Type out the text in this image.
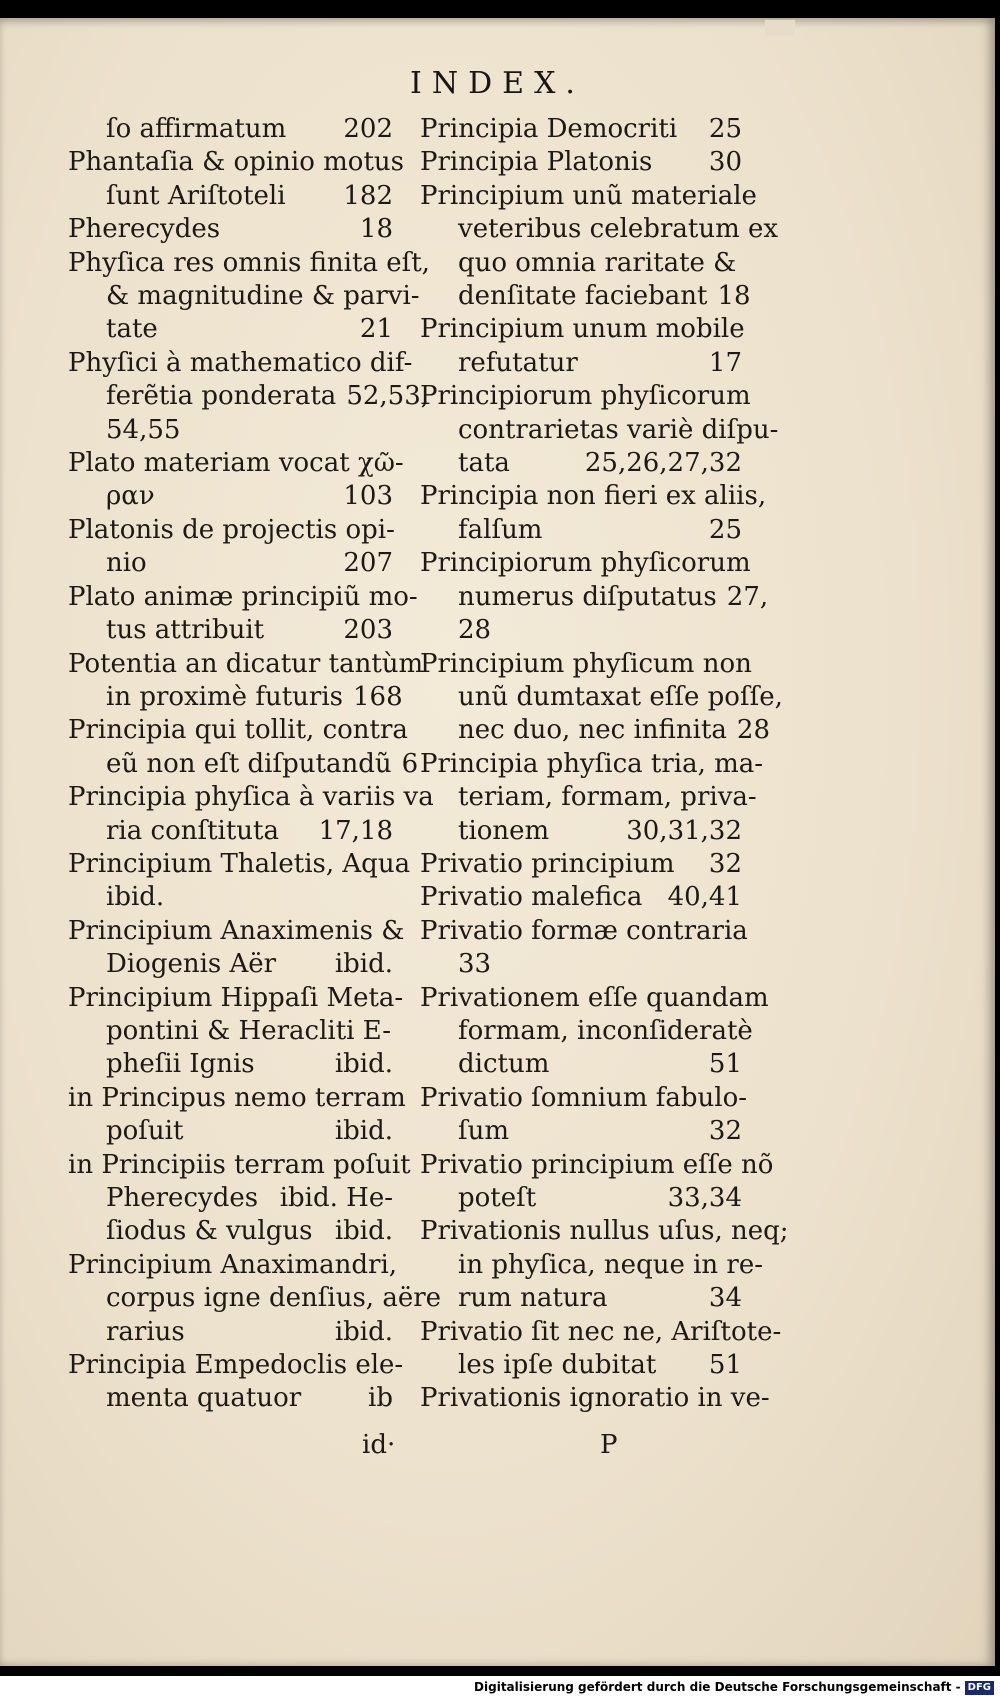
INDEX.
ſo affirmatum 202
Phantaſia & opinio motus
ſunt Ariſtoteli 182
Pherecydes	18
Phyſica res omnis finita eſt,
& magnitudine & parvi-
tate	21
Phyſici à mathematico dif-
ferẽtia ponderata 52,53,
54,55
Plato materiam vocat χῶ-
ραν	103
Platonis de projectis opi-
nio	207
Plato animæ principiũ mo-
tus attribuit	203
Potentia an dicatur tantùm
in proximè futuris 168
Principia qui tollit, contra
eũ non eſt diſputandũ 6
Principia phyſica à variis va
ria conſtituta 17,18
Principium Thaletis, Aqua
ibid.
Principium Anaximenis &
Diogenis Aër ibid.
Principium Hippaſi Meta-
pontini & Heracliti E-
pheſii Ignis	ibid.
in Principus nemo terram
poſuit	ibid.
in Principiis terram poſuit
Pherecydes ibid. He-
ſiodus & vulgus ibid.
Principium Anaximandri,
corpus igne denſius, aëre
rarius	ibid.
Principia Empedoclis ele-
menta quatuor	ib
Principia Democriti 25
Principia Platonis 30
Principium unũ materiale
veteribus celebratum ex
quo omnia raritate &
denſitate faciebant 18
Principium unum mobile
refutatur	17
Principiorum phyſicorum
contrarietas variè diſpu-
tata	25,26,27,32
Principia non fieri ex aliis,
falſum	25
Principiorum phyſicorum
numerus diſputatus 27,
28
Principium phyſicum non
unũ dumtaxat eſſe poſſe,
nec duo, nec infinita 28
Principia phyſica tria, ma-
teriam, formam, priva-
tionem	30,31,32
Privatio principium 32
Privatio malefica 40,41
Privatio formæ contraria
33
Privationem eſſe quandam
formam, inconſideratè
dictum	51
Privatio ſomnium fabulo-
ſum	32
Privatio principium eſſe nõ
poteſt	33,34
Privationis nullus uſus, neq;
in phyſica, neque in re-
rum natura	34
Privatio ſit nec ne, Ariſtote-
les ipſe dubitat 51
Privationis ignoratio in ve-
id·	P
Digitalisierung gefördert durch die Deutsche Forschungsgemeinschaft - DFG
